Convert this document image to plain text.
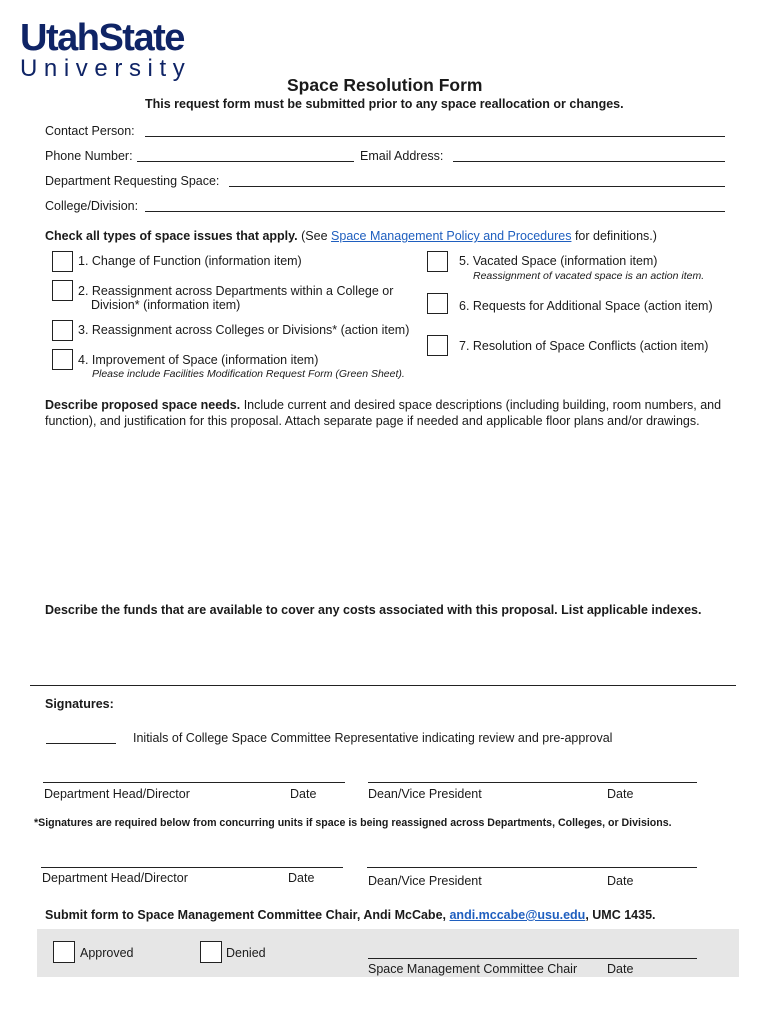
UtahState
University
Space Resolution Form
This request form must be submitted prior to any space reallocation or changes.
Contact Person:
Phone Number:	Email Address:
Department Requesting Space:
College/Division:
Check all types of space issues that apply. (See Space Management Policy and Procedures for definitions.)
1. Change of Function (information item)
2. Reassignment across Departments within a College or
Division* (information item)
3. Reassignment across Colleges or Divisions* (action item)
4. Improvement of Space (information item)
Please include Facilities Modification Request Form (Green Sheet).
5. Vacated Space (information item)
Reassignment of vacated space is an action item.
6. Requests for Additional Space (action item)
7. Resolution of Space Conflicts (action item)
Describe proposed space needs. Include current and desired space descriptions (including building, room numbers, and
function), and justification for this proposal. Attach separate page if needed and applicable floor plans and/or drawings.
Describe the funds that are available to cover any costs associated with this proposal. List applicable indexes.
Signatures:
Initials of College Space Committee Representative indicating review and pre-approval
Department Head/Director	Date	Dean/Vice President	Date
*Signatures are required below from concurring units if space is being reassigned across Departments, Colleges, or Divisions.
Department Head/Director	Date	Dean/Vice President	Date
Submit form to Space Management Committee Chair, Andi McCabe, andi.mccabe@usu.edu, UMC 1435.
Approved	Denied
Space Management Committee Chair Date
